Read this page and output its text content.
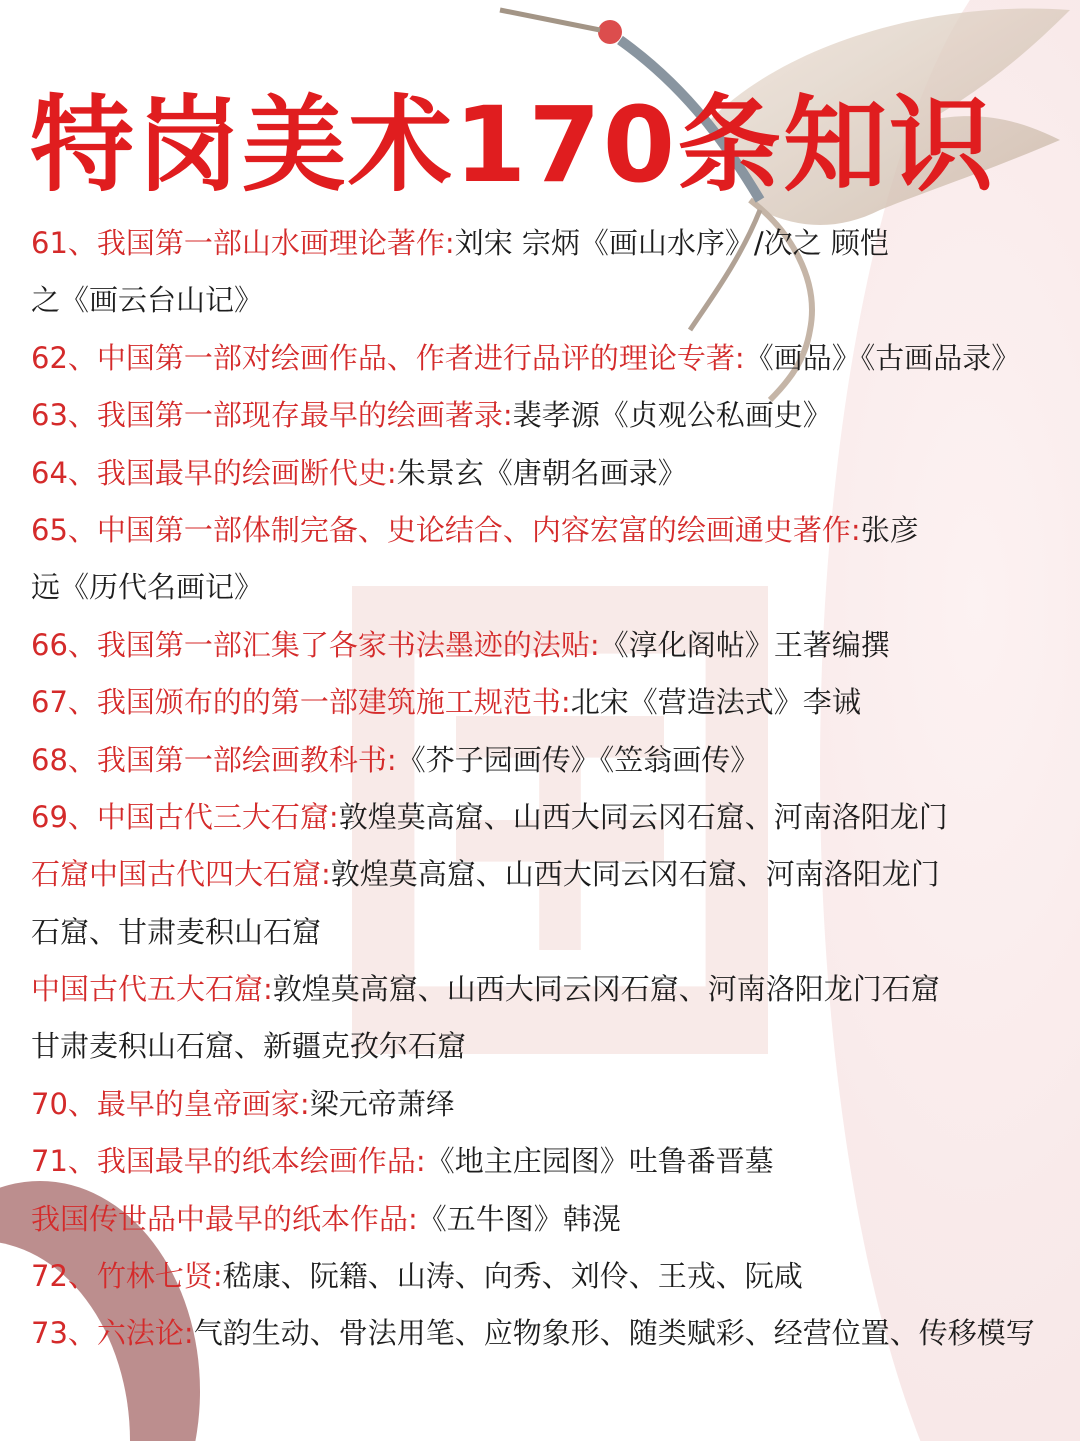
特岗美术170条知识
61、我国第一部山水画理论著作:刘宋 宗炳《画山水序》/次之 顾恺
之《画云台山记》
62、中国第一部对绘画作品、作者进行品评的理论专著:《画品》《古画品录》
63、我国第一部现存最早的绘画著录:裴孝源《贞观公私画史》
64、我国最早的绘画断代史:朱景玄《唐朝名画录》
65、中国第一部体制完备、史论结合、内容宏富的绘画通史著作:张彦
远《历代名画记》
66、我国第一部汇集了各家书法墨迹的法贴:《淳化阁帖》王著编撰
67、我国颁布的的第一部建筑施工规范书:北宋《营造法式》李诫
68、我国第一部绘画教科书:《芥子园画传》《笠翁画传》
69、中国古代三大石窟:敦煌莫高窟、山西大同云冈石窟、河南洛阳龙门
石窟中国古代四大石窟:敦煌莫高窟、山西大同云冈石窟、河南洛阳龙门
石窟、甘肃麦积山石窟
中国古代五大石窟:敦煌莫高窟、山西大同云冈石窟、河南洛阳龙门石窟
甘肃麦积山石窟、新疆克孜尔石窟
70、最早的皇帝画家:梁元帝萧绎
71、我国最早的纸本绘画作品:《地主庄园图》吐鲁番晋墓
我国传世品中最早的纸本作品:《五牛图》韩滉
72、竹林七贤:嵇康、阮籍、山涛、向秀、刘伶、王戎、阮咸
73、六法论:气韵生动、骨法用笔、应物象形、随类赋彩、经营位置、传移模写
